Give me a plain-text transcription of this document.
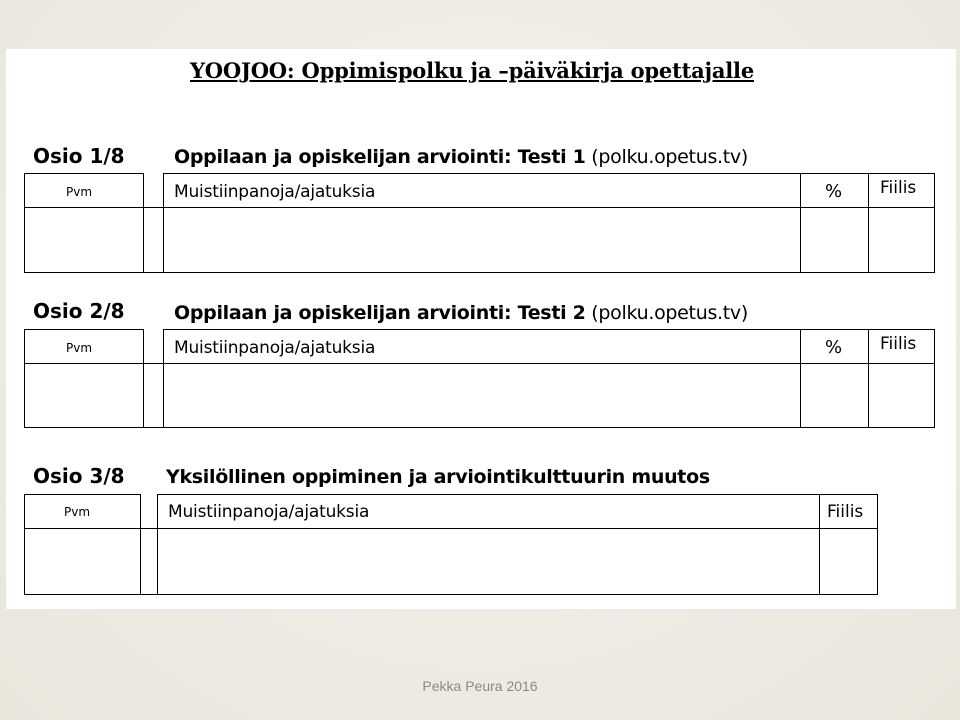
YOOJOO: Oppimispolku ja –päiväkirja opettajalle
Osio 1/8	Oppilaan ja opiskelijan arviointi: Testi 1 (polku.opetus.tv)
Pvm	Muistiinpanoja/ajatuksia	% Fiilis
Osio 2/8	Oppilaan ja opiskelijan arviointi: Testi 2 (polku.opetus.tv)
Pvm	Muistiinpanoja/ajatuksia	% Fiilis
Osio 3/8 Yksilöllinen oppiminen ja arviointikulttuurin muutos
Pvm	Muistiinpanoja/ajatuksia	Fiilis
Pekka Peura 2016
